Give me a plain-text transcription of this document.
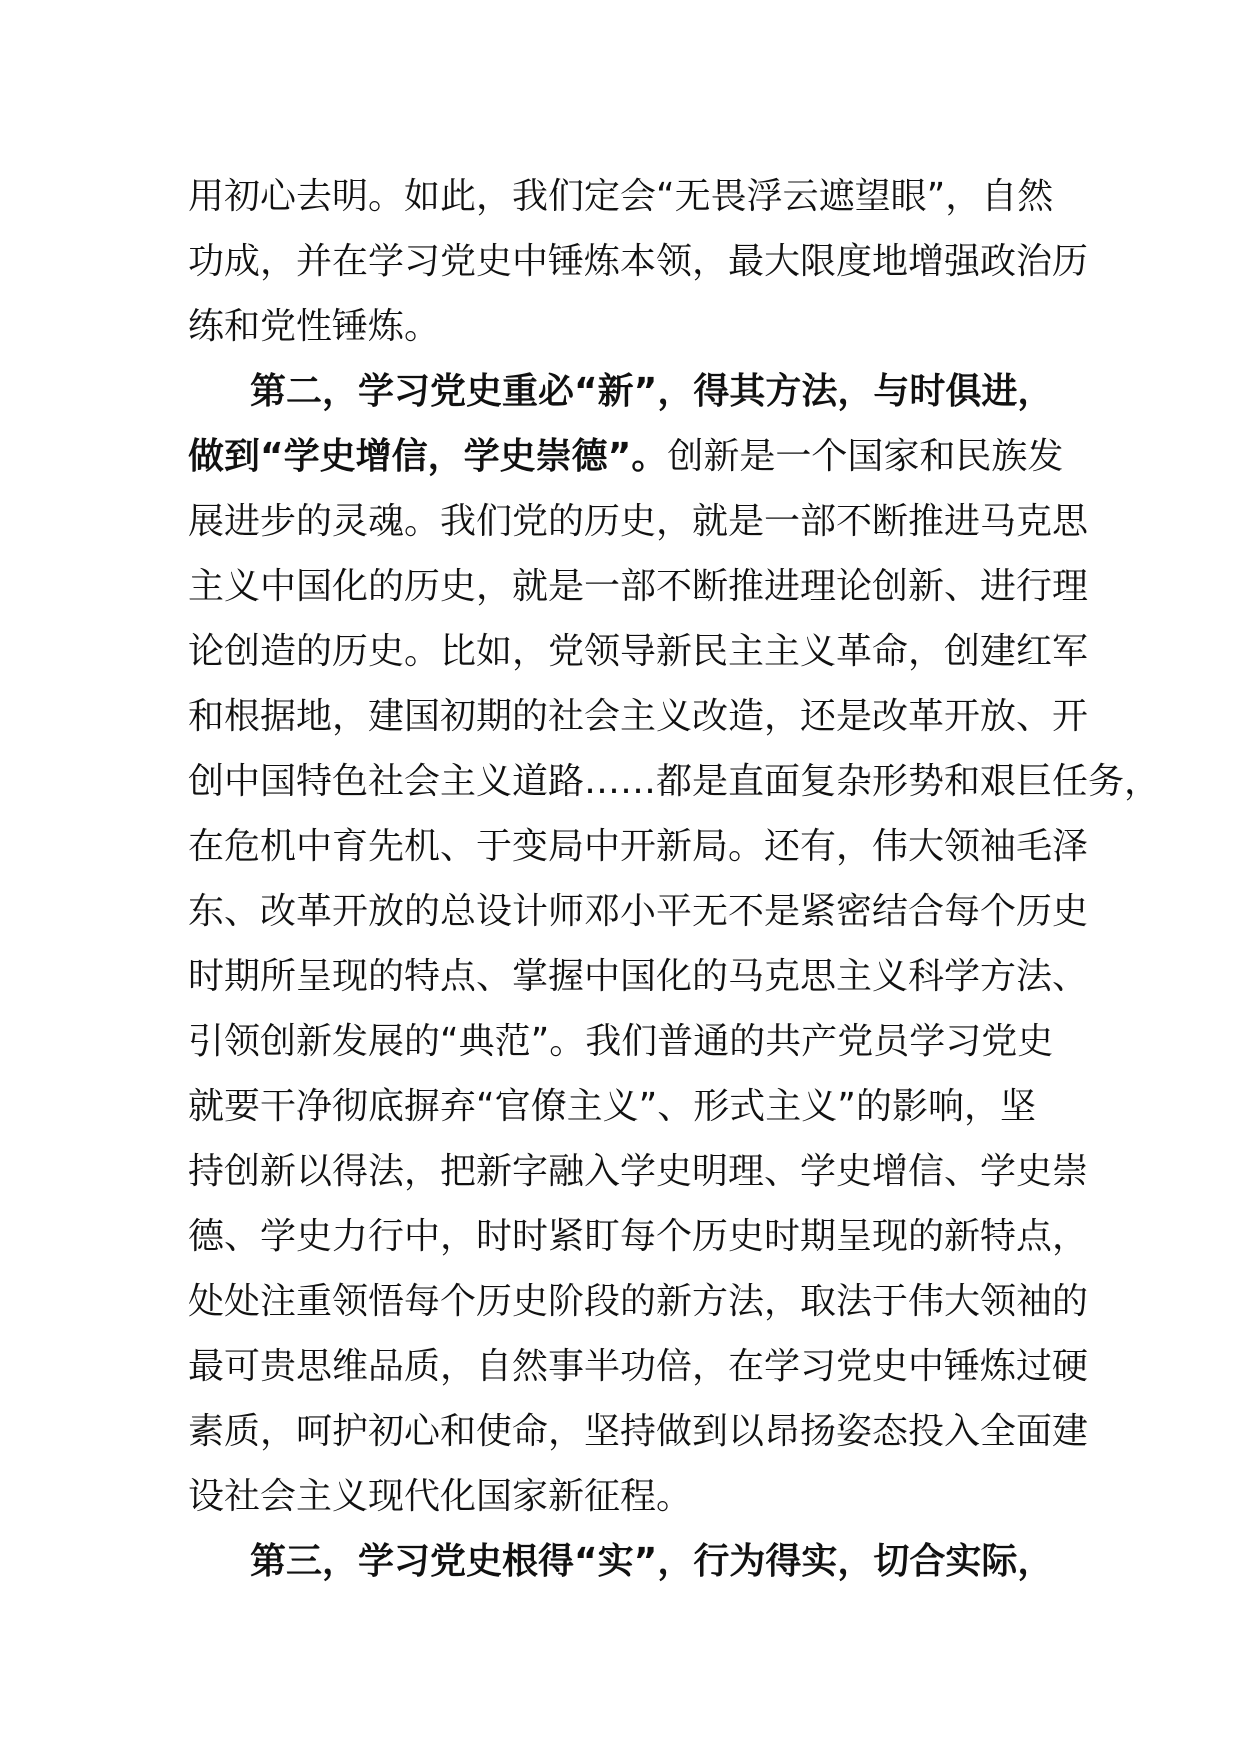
用初心去明。如此，我们定会“无畏浮云遮望眼”，自然
功成，并在学习党史中锤炼本领，最大限度地增强政治历
练和党性锤炼。
第二，学习党史重必“新”，得其方法，与时俱进，
做到“学史增信，学史崇德”。创新是一个国家和民族发
展进步的灵魂。我们党的历史，就是一部不断推进马克思
主义中国化的历史，就是一部不断推进理论创新、进行理
论创造的历史。比如，党领导新民主主义革命，创建红军
和根据地，建国初期的社会主义改造，还是改革开放、开
创中国特色社会主义道路……都是直面复杂形势和艰巨任务，
在危机中育先机、于变局中开新局。还有，伟大领袖毛泽
东、改革开放的总设计师邓小平无不是紧密结合每个历史
时期所呈现的特点、掌握中国化的马克思主义科学方法、
引领创新发展的“典范”。我们普通的共产党员学习党史
就要干净彻底摒弃“官僚主义”、形式主义”的影响，坚
持创新以得法，把新字融入学史明理、学史增信、学史崇
德、学史力行中，时时紧盯每个历史时期呈现的新特点，
处处注重领悟每个历史阶段的新方法，取法于伟大领袖的
最可贵思维品质，自然事半功倍，在学习党史中锤炼过硬
素质，呵护初心和使命，坚持做到以昂扬姿态投入全面建
设社会主义现代化国家新征程。
第三，学习党史根得“实”，行为得实，切合实际，
